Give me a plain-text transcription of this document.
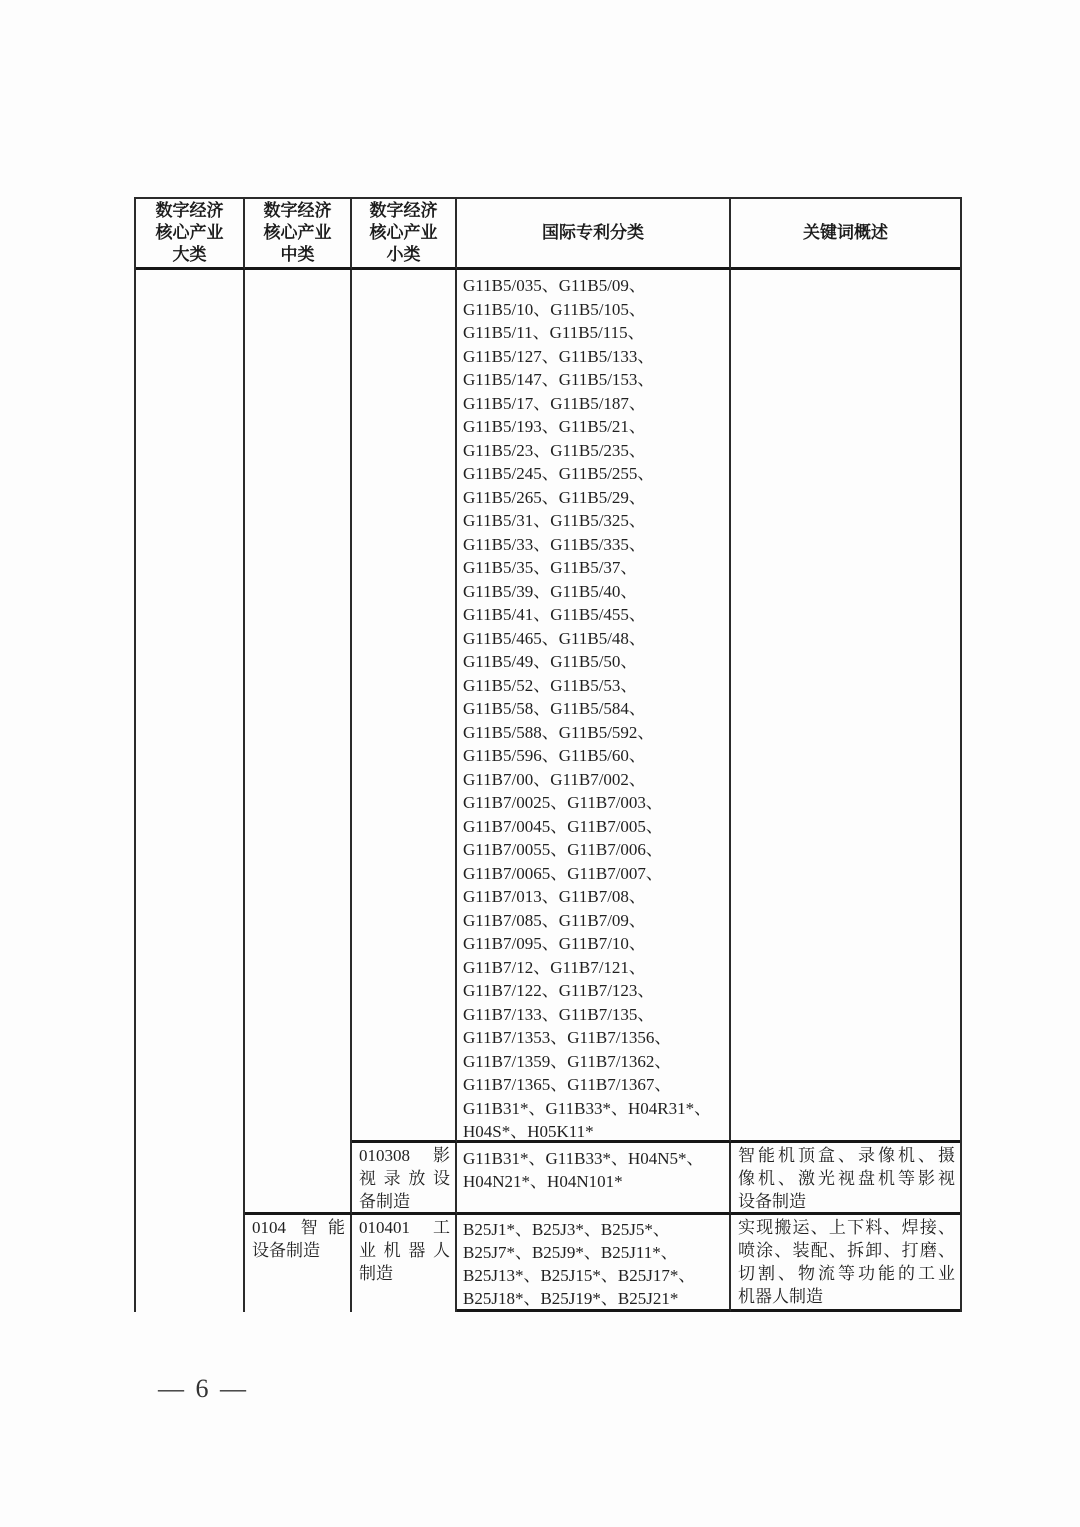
数字经济
核心产业
大类
数字经济
核心产业
中类
数字经济
核心产业
小类
国际专利分类	关键词概述
0104 智能
设备制造
010308 影
视录放设
备制造
010401 工
业机器人
制造
G11B5/035、G11B5/09、
G11B5/10、G11B5/105、
G11B5/11、G11B5/115、
G11B5/127、G11B5/133、
G11B5/147、G11B5/153、
G11B5/17、G11B5/187、
G11B5/193、G11B5/21、
G11B5/23、G11B5/235、
G11B5/245、G11B5/255、
G11B5/265、G11B5/29、
G11B5/31、G11B5/325、
G11B5/33、G11B5/335、
G11B5/35、G11B5/37、
G11B5/39、G11B5/40、
G11B5/41、G11B5/455、
G11B5/465、G11B5/48、
G11B5/49、G11B5/50、
G11B5/52、G11B5/53、
G11B5/58、G11B5/584、
G11B5/588、G11B5/592、
G11B5/596、G11B5/60、
G11B7/00、G11B7/002、
G11B7/0025、G11B7/003、
G11B7/0045、G11B7/005、
G11B7/0055、G11B7/006、
G11B7/0065、G11B7/007、
G11B7/013、G11B7/08、
G11B7/085、G11B7/09、
G11B7/095、G11B7/10、
G11B7/12、G11B7/121、
G11B7/122、G11B7/123、
G11B7/133、G11B7/135、
G11B7/1353、G11B7/1356、
G11B7/1359、G11B7/1362、
G11B7/1365、G11B7/1367、
G11B31*、G11B33*、H04R31*、
H04S*、H05K11*
G11B31*、G11B33*、H04N5*、
H04N21*、H04N101*
B25J1*、B25J3*、B25J5*、
B25J7*、B25J9*、B25J11*、
B25J13*、B25J15*、B25J17*、
B25J18*、B25J19*、B25J21*
智能机顶盒、录像机、摄
像机、激光视盘机等影视
设备制造
实现搬运、上下料、焊接、
喷涂、装配、拆卸、打磨、
切割、物流等功能的工业
机器人制造
— 6 —
